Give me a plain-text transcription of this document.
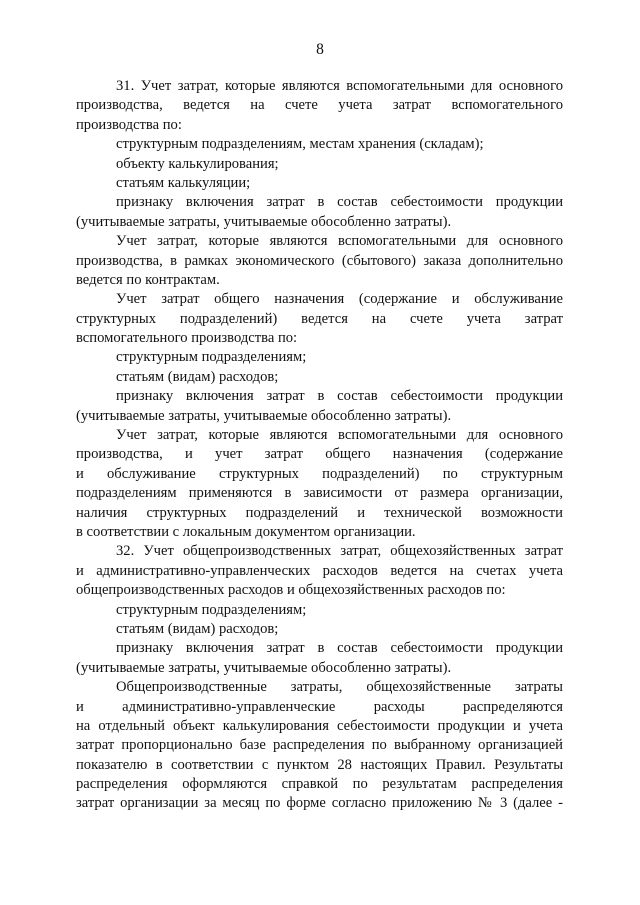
8
31. Учет затрат, которые являются вспомогательными для основного
производства, ведется на счете учета затрат вспомогательного
производства по:
структурным подразделениям, местам хранения (складам);
объекту калькулирования;
статьям калькуляции;
признаку включения затрат в состав себестоимости продукции
(учитываемые затраты, учитываемые обособленно затраты).
Учет затрат, которые являются вспомогательными для основного
производства, в рамках экономического (сбытового) заказа дополнительно
ведется по контрактам.
Учет затрат общего назначения (содержание и обслуживание
структурных подразделений) ведется на счете учета затрат
вспомогательного производства по:
структурным подразделениям;
статьям (видам) расходов;
признаку включения затрат в состав себестоимости продукции
(учитываемые затраты, учитываемые обособленно затраты).
Учет затрат, которые являются вспомогательными для основного
производства, и учет затрат общего назначения (содержание
и обслуживание структурных подразделений) по структурным
подразделениям применяются в зависимости от размера организации,
наличия структурных подразделений и технической возможности
в соответствии с локальным документом организации.
32. Учет общепроизводственных затрат, общехозяйственных затрат
и административно-управленческих расходов ведется на счетах учета
общепроизводственных расходов и общехозяйственных расходов по:
структурным подразделениям;
статьям (видам) расходов;
признаку включения затрат в состав себестоимости продукции
(учитываемые затраты, учитываемые обособленно затраты).
Общепроизводственные затраты, общехозяйственные затраты
и административно-управленческие расходы распределяются
на отдельный объект калькулирования себестоимости продукции и учета
затрат пропорционально базе распределения по выбранному организацией
показателю в соответствии с пунктом 28 настоящих Правил. Результаты
распределения оформляются справкой по результатам распределения
затрат организации за месяц по форме согласно приложению № 3 (далее -
